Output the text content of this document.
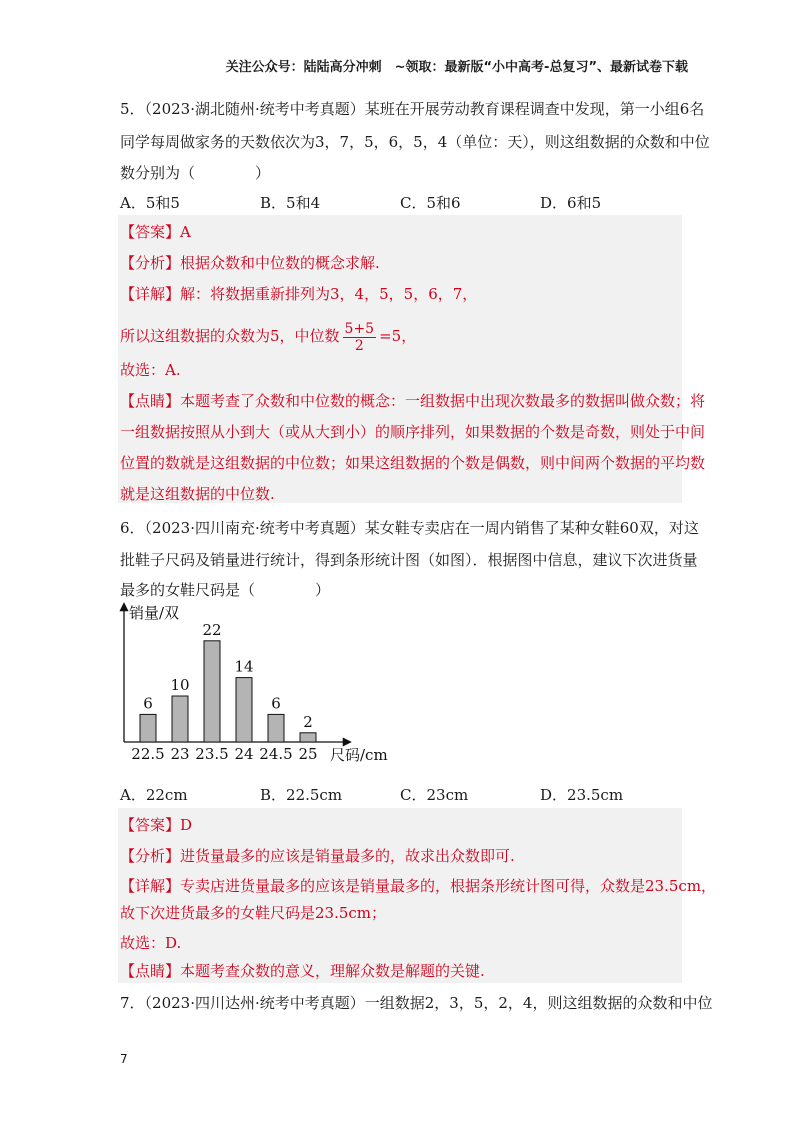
关注公众号：陆陆高分冲刺　~领取：最新版“小中高考-总复习”、最新试卷下载
5．（2023·湖北随州·统考中考真题）某班在开展劳动教育课程调查中发现，第一小组6名
同学每周做家务的天数依次为3，7，5，6，5，4（单位：天），则这组数据的众数和中位
数分别为（　　　　）
A．5和5	B．5和4	C．5和6	D．6和5
【答案】A
【分析】根据众数和中位数的概念求解.
【详解】解：将数据重新排列为3，4，5，5，6，7，
所以这组数据的众数为5，中位数 $\frac{5+5}{2} =5$，
故选：A.
【点睛】本题考查了众数和中位数的概念：一组数据中出现次数最多的数据叫做众数；将
一组数据按照从小到大（或从大到小）的顺序排列，如果数据的个数是奇数，则处于中间
位置的数就是这组数据的中位数；如果这组数据的个数是偶数，则中间两个数据的平均数
就是这组数据的中位数.
6．（2023·四川南充·统考中考真题）某女鞋专卖店在一周内销售了某种女鞋60双，对这
批鞋子尺码及销量进行统计，得到条形统计图（如图）．根据图中信息，建议下次进货量
最多的女鞋尺码是（　　　　）
销量/双
尺码/cm
6
22.5
10
23
22
23.5
14
24
6
24.5
2
25
A．22cm	B．22.5cm	C．23cm	D．23.5cm
【答案】D
【分析】进货量最多的应该是销量最多的，故求出众数即可.
【详解】专卖店进货量最多的应该是销量最多的，根据条形统计图可得，众数是23.5cm，
故下次进货最多的女鞋尺码是23.5cm；
故选：D.
【点睛】本题考查众数的意义，理解众数是解题的关键.
7．（2023·四川达州·统考中考真题）一组数据2，3，5，2，4，则这组数据的众数和中位
7
